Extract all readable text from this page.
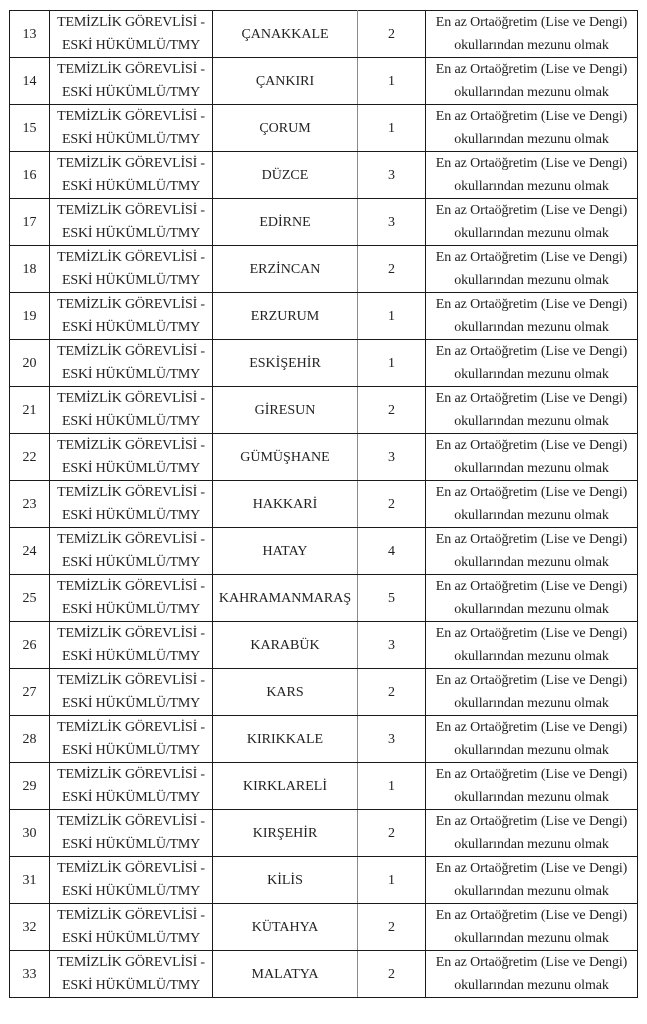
13	TEMİZLİK GÖREVLİSİ -
ESKİ HÜKÜMLÜ/TMY	ÇANAKKALE	2	En az Ortaöğretim (Lise ve Dengi)
okullarından mezunu olmak

14	TEMİZLİK GÖREVLİSİ -
ESKİ HÜKÜMLÜ/TMY	ÇANKIRI	1	En az Ortaöğretim (Lise ve Dengi)
okullarından mezunu olmak

15	TEMİZLİK GÖREVLİSİ -
ESKİ HÜKÜMLÜ/TMY	ÇORUM	1	En az Ortaöğretim (Lise ve Dengi)
okullarından mezunu olmak

16	TEMİZLİK GÖREVLİSİ -
ESKİ HÜKÜMLÜ/TMY	DÜZCE	3	En az Ortaöğretim (Lise ve Dengi)
okullarından mezunu olmak

17	TEMİZLİK GÖREVLİSİ -
ESKİ HÜKÜMLÜ/TMY	EDİRNE	3	En az Ortaöğretim (Lise ve Dengi)
okullarından mezunu olmak

18	TEMİZLİK GÖREVLİSİ -
ESKİ HÜKÜMLÜ/TMY	ERZİNCAN	2	En az Ortaöğretim (Lise ve Dengi)
okullarından mezunu olmak

19	TEMİZLİK GÖREVLİSİ -
ESKİ HÜKÜMLÜ/TMY	ERZURUM	1	En az Ortaöğretim (Lise ve Dengi)
okullarından mezunu olmak

20	TEMİZLİK GÖREVLİSİ -
ESKİ HÜKÜMLÜ/TMY	ESKİŞEHİR	1	En az Ortaöğretim (Lise ve Dengi)
okullarından mezunu olmak

21	TEMİZLİK GÖREVLİSİ -
ESKİ HÜKÜMLÜ/TMY	GİRESUN	2	En az Ortaöğretim (Lise ve Dengi)
okullarından mezunu olmak

22	TEMİZLİK GÖREVLİSİ -
ESKİ HÜKÜMLÜ/TMY	GÜMÜŞHANE	3	En az Ortaöğretim (Lise ve Dengi)
okullarından mezunu olmak

23	TEMİZLİK GÖREVLİSİ -
ESKİ HÜKÜMLÜ/TMY	HAKKARİ	2	En az Ortaöğretim (Lise ve Dengi)
okullarından mezunu olmak

24	TEMİZLİK GÖREVLİSİ -
ESKİ HÜKÜMLÜ/TMY	HATAY	4	En az Ortaöğretim (Lise ve Dengi)
okullarından mezunu olmak

25	TEMİZLİK GÖREVLİSİ -
ESKİ HÜKÜMLÜ/TMY	KAHRAMANMARAŞ	5	En az Ortaöğretim (Lise ve Dengi)
okullarından mezunu olmak

26	TEMİZLİK GÖREVLİSİ -
ESKİ HÜKÜMLÜ/TMY	KARABÜK	3	En az Ortaöğretim (Lise ve Dengi)
okullarından mezunu olmak

27	TEMİZLİK GÖREVLİSİ -
ESKİ HÜKÜMLÜ/TMY	KARS	2	En az Ortaöğretim (Lise ve Dengi)
okullarından mezunu olmak

28	TEMİZLİK GÖREVLİSİ -
ESKİ HÜKÜMLÜ/TMY	KIRIKKALE	3	En az Ortaöğretim (Lise ve Dengi)
okullarından mezunu olmak

29	TEMİZLİK GÖREVLİSİ -
ESKİ HÜKÜMLÜ/TMY	KIRKLARELİ	1	En az Ortaöğretim (Lise ve Dengi)
okullarından mezunu olmak

30	TEMİZLİK GÖREVLİSİ -
ESKİ HÜKÜMLÜ/TMY	KIRŞEHİR	2	En az Ortaöğretim (Lise ve Dengi)
okullarından mezunu olmak

31	TEMİZLİK GÖREVLİSİ -
ESKİ HÜKÜMLÜ/TMY	KİLİS	1	En az Ortaöğretim (Lise ve Dengi)
okullarından mezunu olmak

32	TEMİZLİK GÖREVLİSİ -
ESKİ HÜKÜMLÜ/TMY	KÜTAHYA	2	En az Ortaöğretim (Lise ve Dengi)
okullarından mezunu olmak

33	TEMİZLİK GÖREVLİSİ -
ESKİ HÜKÜMLÜ/TMY	MALATYA	2	En az Ortaöğretim (Lise ve Dengi)
okullarından mezunu olmak
